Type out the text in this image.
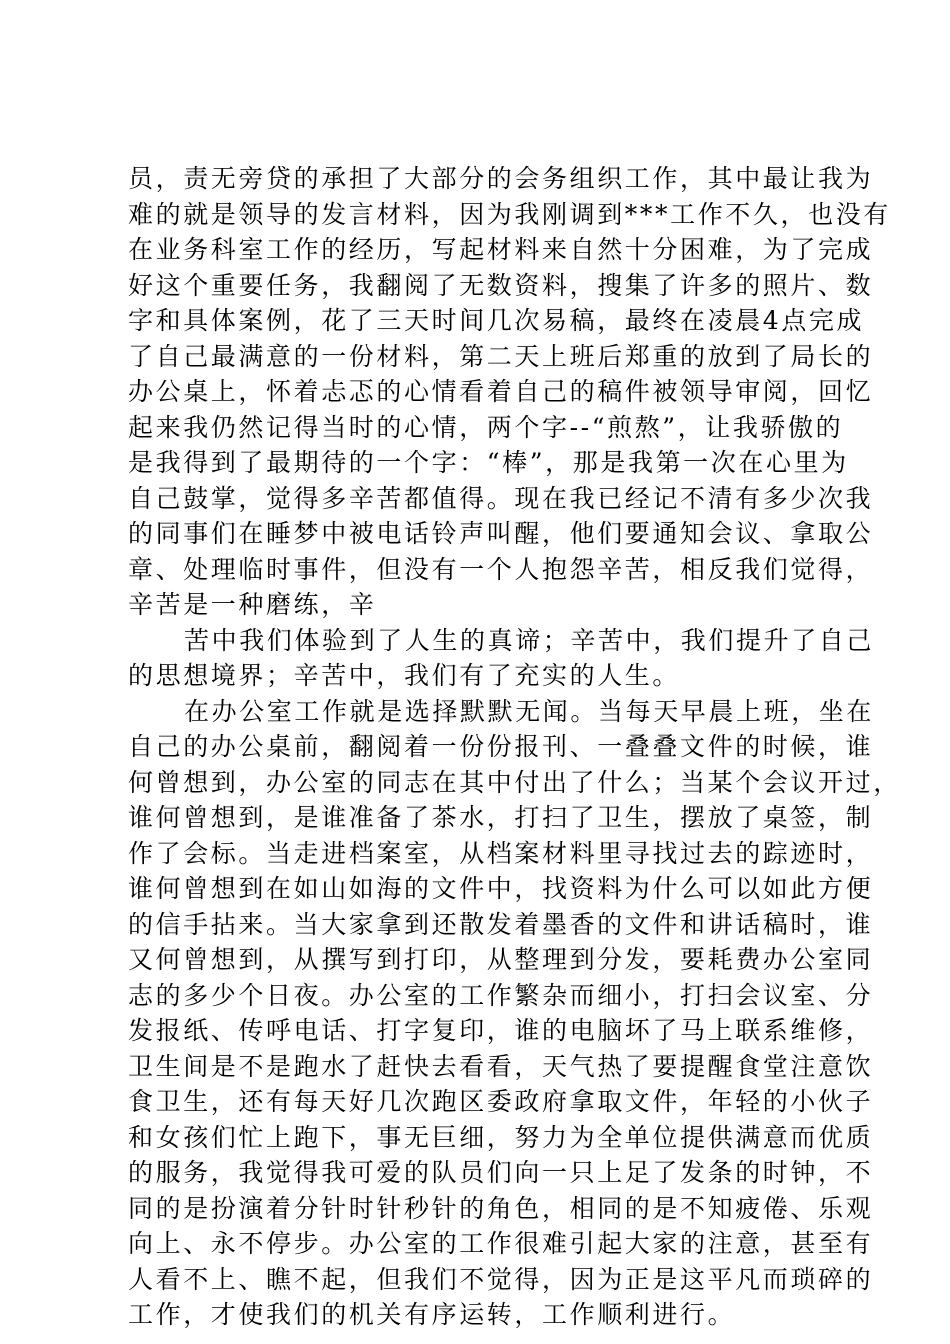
员，责无旁贷的承担了大部分的会务组织工作，其中最让我为
难的就是领导的发言材料，因为我刚调到***工作不久，也没有
在业务科室工作的经历，写起材料来自然十分困难，为了完成
好这个重要任务，我翻阅了无数资料，搜集了许多的照片、数
字和具体案例，花了三天时间几次易稿，最终在凌晨4点完成
了自己最满意的一份材料，第二天上班后郑重的放到了局长的
办公桌上，怀着忐忑的心情看着自己的稿件被领导审阅，回忆
起来我仍然记得当时的心情，两个字--“煎熬”，让我骄傲的
是我得到了最期待的一个字：“棒”，那是我第一次在心里为
自己鼓掌，觉得多辛苦都值得。现在我已经记不清有多少次我
的同事们在睡梦中被电话铃声叫醒，他们要通知会议、拿取公
章、处理临时事件，但没有一个人抱怨辛苦，相反我们觉得，
辛苦是一种磨练，辛
苦中我们体验到了人生的真谛；辛苦中，我们提升了自己
的思想境界；辛苦中，我们有了充实的人生。
在办公室工作就是选择默默无闻。当每天早晨上班，坐在
自己的办公桌前，翻阅着一份份报刊、一叠叠文件的时候，谁
何曾想到，办公室的同志在其中付出了什么；当某个会议开过，
谁何曾想到，是谁准备了茶水，打扫了卫生，摆放了桌签，制
作了会标。当走进档案室，从档案材料里寻找过去的踪迹时，
谁何曾想到在如山如海的文件中，找资料为什么可以如此方便
的信手拈来。当大家拿到还散发着墨香的文件和讲话稿时，谁
又何曾想到，从撰写到打印，从整理到分发，要耗费办公室同
志的多少个日夜。办公室的工作繁杂而细小，打扫会议室、分
发报纸、传呼电话、打字复印，谁的电脑坏了马上联系维修，
卫生间是不是跑水了赶快去看看，天气热了要提醒食堂注意饮
食卫生，还有每天好几次跑区委政府拿取文件，年轻的小伙子
和女孩们忙上跑下，事无巨细，努力为全单位提供满意而优质
的服务，我觉得我可爱的队员们向一只上足了发条的时钟，不
同的是扮演着分针时针秒针的角色，相同的是不知疲倦、乐观
向上、永不停步。办公室的工作很难引起大家的注意，甚至有
人看不上、瞧不起，但我们不觉得，因为正是这平凡而琐碎的
工作，才使我们的机关有序运转，工作顺利进行。
